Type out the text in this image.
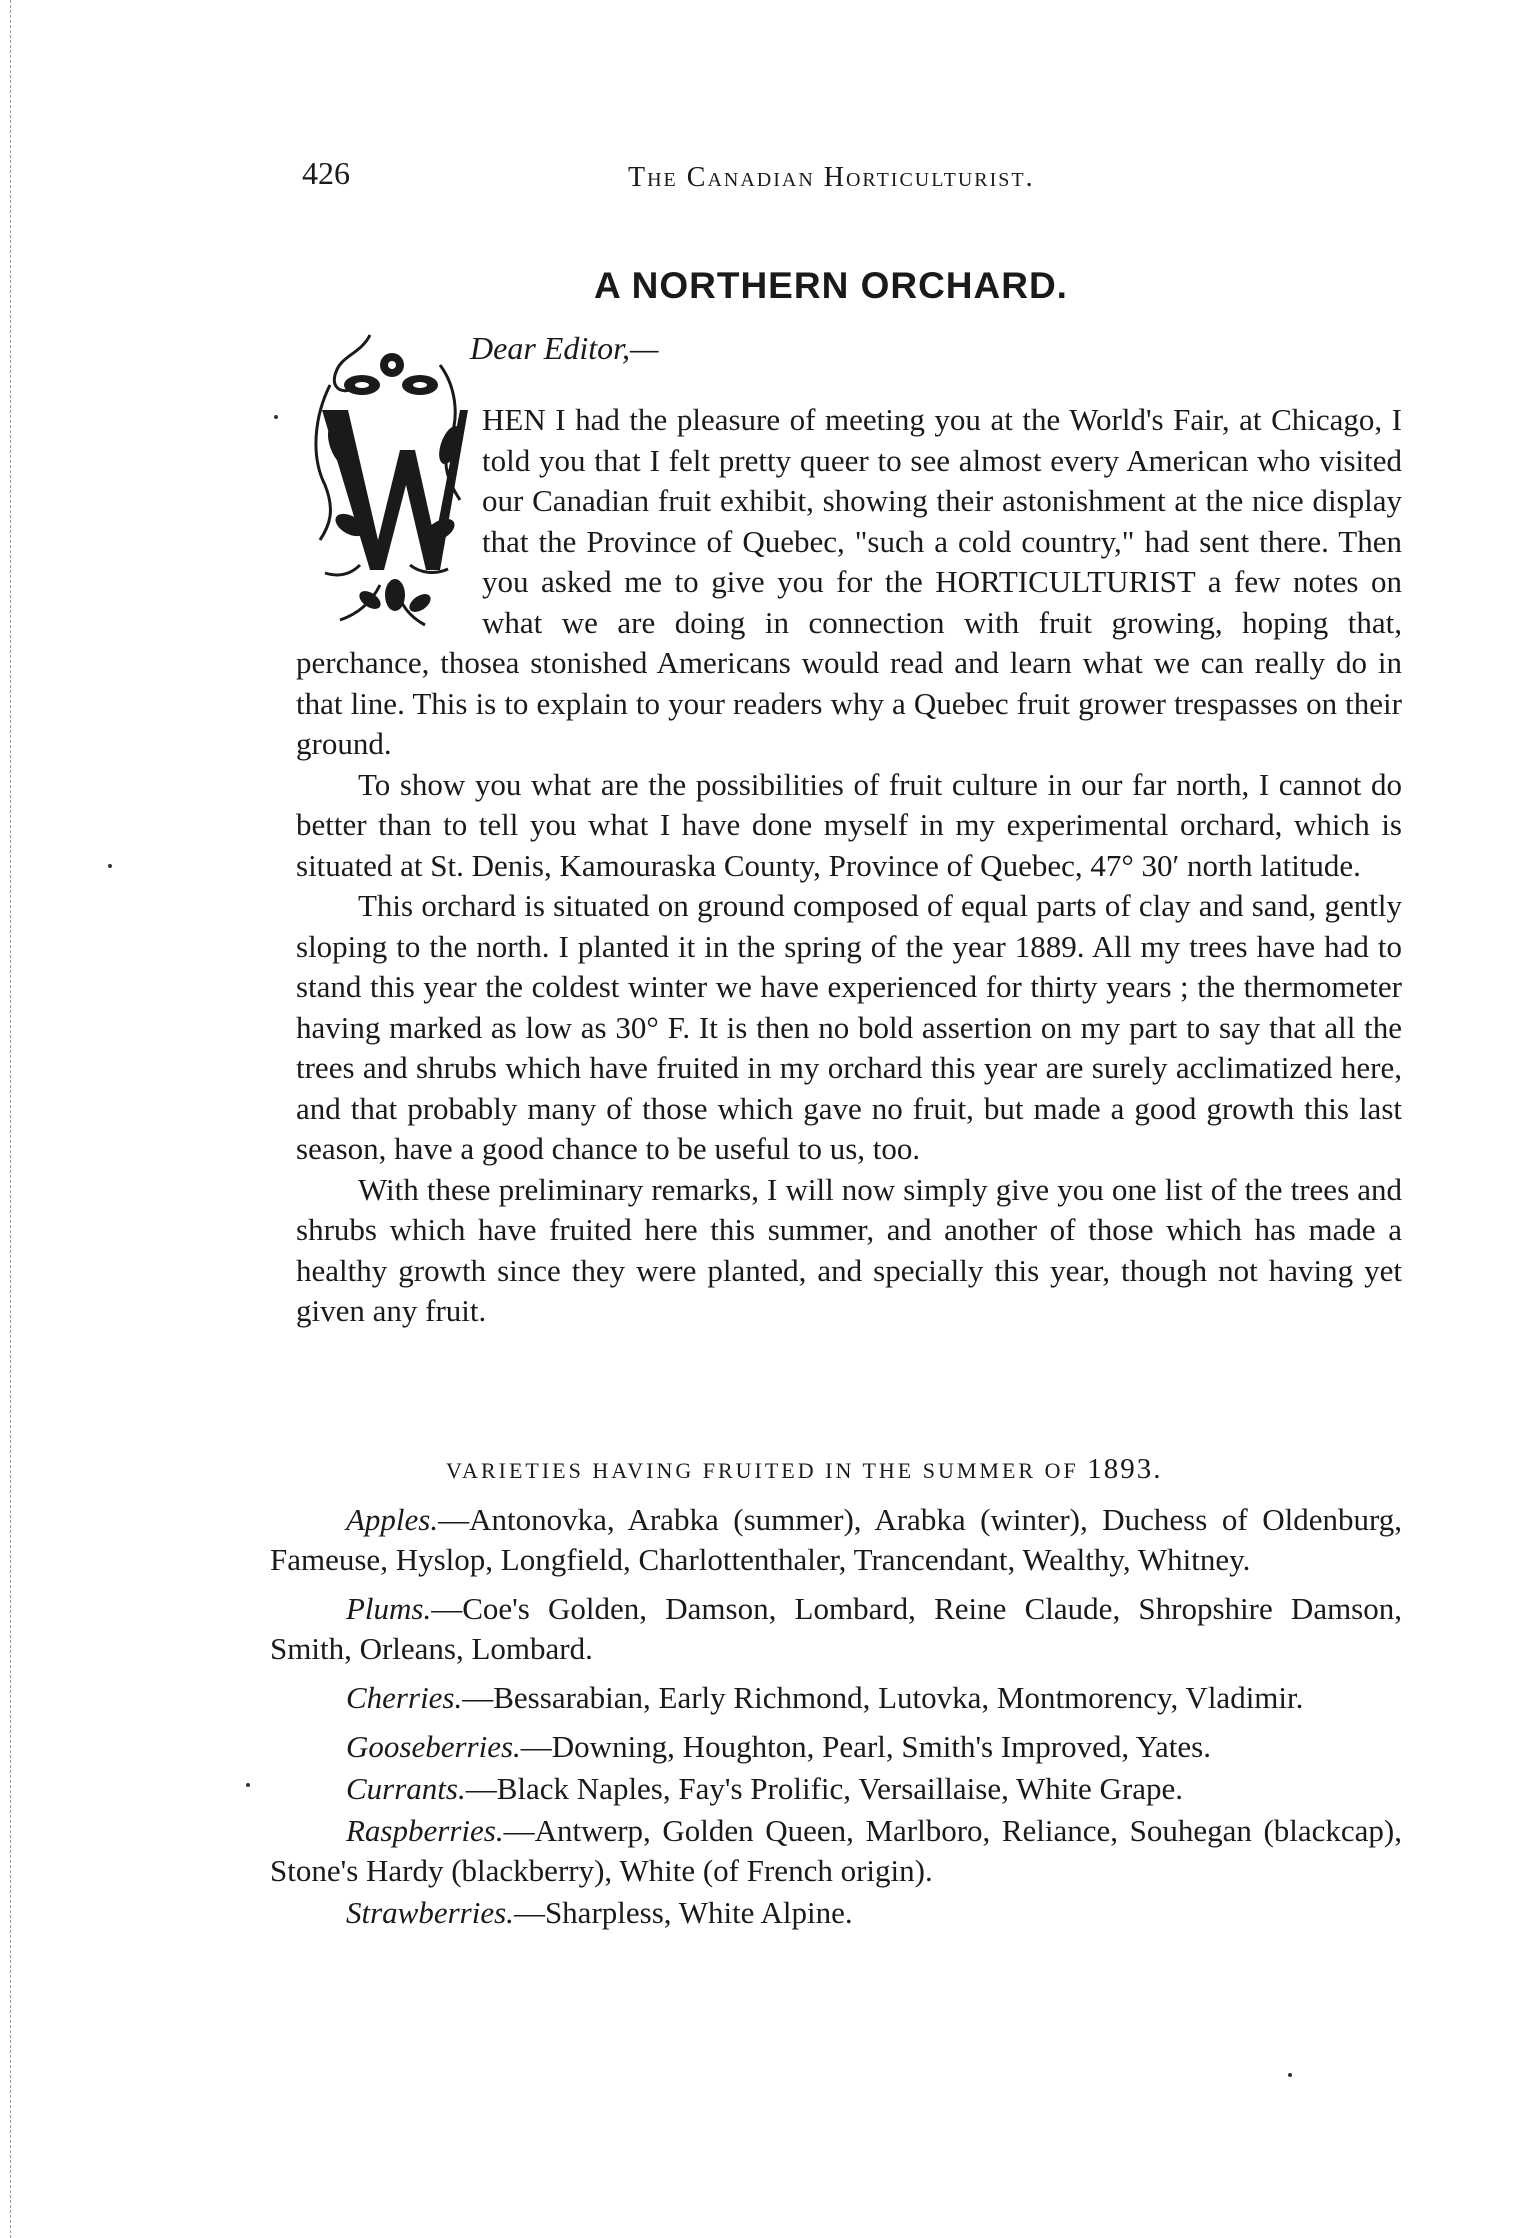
426	The Canadian Horticulturist.
A NORTHERN ORCHARD.
Dear Editor,—

HEN I had the pleasure of meeting you at the World's Fair, at Chicago, I told you that I felt pretty queer to see almost every American who visited our Canadian fruit exhibit, showing their astonishment at the nice display that the Province of Quebec, "such a cold country," had sent there. Then you asked me to give you for the HORTICULTURIST a few notes on what we are doing in connection with fruit growing, hoping that, perchance, thosea stonished Americans would read and learn what we can really do in that line. This is to explain to your readers why a Quebec fruit grower trespasses on their ground.

To show you what are the possibilities of fruit culture in our far north, I cannot do better than to tell you what I have done myself in my experimental orchard, which is situated at St. Denis, Kamouraska County, Province of Quebec, 47° 30′ north latitude.

This orchard is situated on ground composed of equal parts of clay and sand, gently sloping to the north. I planted it in the spring of the year 1889. All my trees have had to stand this year the coldest winter we have experienced for thirty years ; the thermometer having marked as low as 30° F. It is then no bold assertion on my part to say that all the trees and shrubs which have fruited in my orchard this year are surely acclimatized here, and that probably many of those which gave no fruit, but made a good growth this last season, have a good chance to be useful to us, too.

With these preliminary remarks, I will now simply give you one list of the trees and shrubs which have fruited here this summer, and another of those which has made a healthy growth since they were planted, and specially this year, though not having yet given any fruit.

VARIETIES HAVING FRUITED IN THE SUMMER OF 1893.

Apples.—Antonovka, Arabka (summer), Arabka (winter), Duchess of Oldenburg, Fameuse, Hyslop, Longfield, Charlottenthaler, Trancendant, Wealthy, Whitney.

Plums.—Coe's Golden, Damson, Lombard, Reine Claude, Shropshire Damson, Smith, Orleans, Lombard.

Cherries.—Bessarabian, Early Richmond, Lutovka, Montmorency, Vladimir.

Gooseberries.—Downing, Houghton, Pearl, Smith's Improved, Yates.

Currants.—Black Naples, Fay's Prolific, Versaillaise, White Grape.

Raspberries.—Antwerp, Golden Queen, Marlboro, Reliance, Souhegan (blackcap), Stone's Hardy (blackberry), White (of French origin).

Strawberries.—Sharpless, White Alpine.
